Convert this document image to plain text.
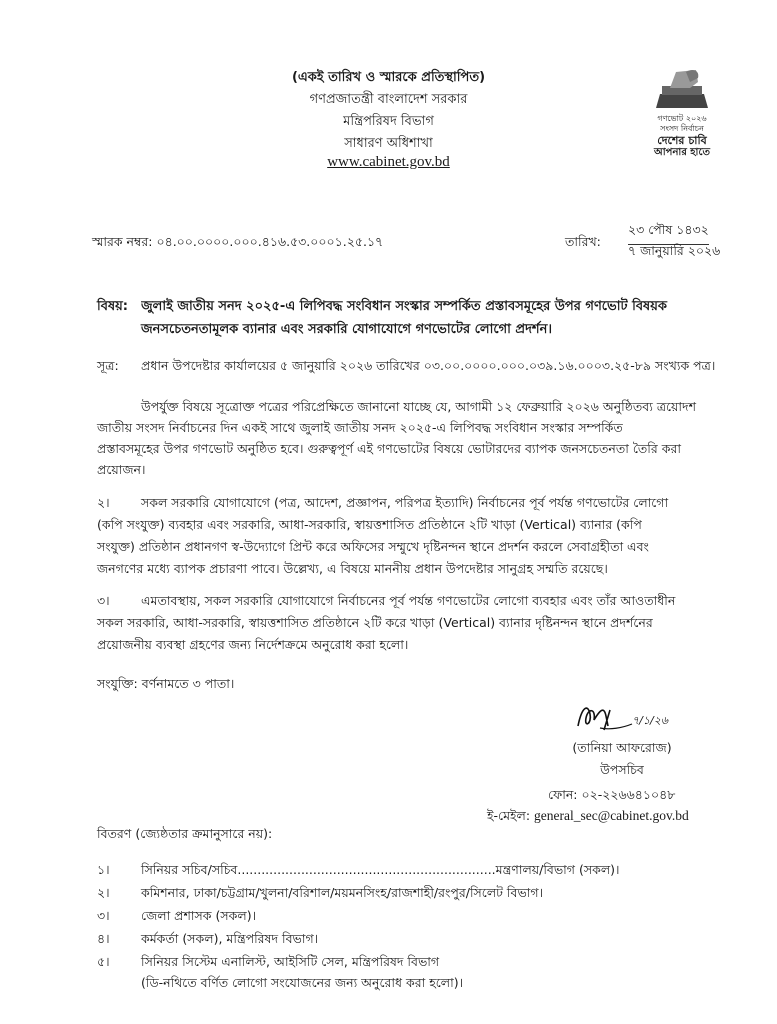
(একই তারিখ ও স্মারকে প্রতিস্থাপিত)
গণপ্রজাতন্ত্রী বাংলাদেশ সরকার
মন্ত্রিপরিষদ বিভাগ
সাধারণ অধিশাখা
www.cabinet.gov.bd
গণভোট ২০২৬
সংসদ নির্বাচন
দেশের চাবি
আপনার হাতে
স্মারক নম্বর: ০৪.০০.০০০০.০০০.৪১৬.৫৩.০০০১.২৫.১৭	তারিখ:
২৩ পৌষ ১৪৩২
৭ জানুয়ারি ২০২৬
বিষয়: জুলাই জাতীয় সনদ ২০২৫-এ লিপিবদ্ধ সংবিধান সংস্কার সম্পর্কিত প্রস্তাবসমূহের উপর গণভোট বিষয়ক
জনসচেতনতামূলক ব্যানার এবং সরকারি যোগাযোগে গণভোটের লোগো প্রদর্শন।
সূত্র: প্রধান উপদেষ্টার কার্যালয়ের ৫ জানুয়ারি ২০২৬ তারিখের ০৩.০০.০০০০.০০০.০৩৯.১৬.০০০৩.২৫-৮৯ সংখ্যক পত্র।
উপর্যুক্ত বিষয়ে সূত্রোক্ত পত্রের পরিপ্রেক্ষিতে জানানো যাচ্ছে যে, আগামী ১২ ফেব্রুয়ারি ২০২৬ অনুষ্ঠিতব্য ত্রয়োদশ
জাতীয় সংসদ নির্বাচনের দিন একই সাথে জুলাই জাতীয় সনদ ২০২৫-এ লিপিবদ্ধ সংবিধান সংস্কার সম্পর্কিত
প্রস্তাবসমূহের উপর গণভোট অনুষ্ঠিত হবে। গুরুত্বপূর্ণ এই গণভোটের বিষয়ে ভোটারদের ব্যাপক জনসচেতনতা তৈরি করা
প্রয়োজন।
২।	সকল সরকারি যোগাযোগে (পত্র, আদেশ, প্রজ্ঞাপন, পরিপত্র ইত্যাদি) নির্বাচনের পূর্ব পর্যন্ত গণভোটের লোগো
(কপি সংযুক্ত) ব্যবহার এবং সরকারি, আধা-সরকারি, স্বায়ত্তশাসিত প্রতিষ্ঠানে ২টি খাড়া (Vertical) ব্যানার (কপি
সংযুক্ত) প্রতিষ্ঠান প্রধানগণ স্ব-উদ্যোগে প্রিন্ট করে অফিসের সম্মুখে দৃষ্টিনন্দন স্থানে প্রদর্শন করলে সেবাগ্রহীতা এবং
জনগণের মধ্যে ব্যাপক প্রচারণা পাবে। উল্লেখ্য, এ বিষয়ে মাননীয় প্রধান উপদেষ্টার সানুগ্রহ সম্মতি রয়েছে।
৩।	এমতাবস্থায়, সকল সরকারি যোগাযোগে নির্বাচনের পূর্ব পর্যন্ত গণভোটের লোগো ব্যবহার এবং তাঁর আওতাধীন
সকল সরকারি, আধা-সরকারি, স্বায়ত্তশাসিত প্রতিষ্ঠানে ২টি করে খাড়া (Vertical) ব্যানার দৃষ্টিনন্দন স্থানে প্রদর্শনের
প্রয়োজনীয় ব্যবস্থা গ্রহণের জন্য নির্দেশক্রমে অনুরোধ করা হলো।
সংযুক্তি: বর্ণনামতে ৩ পাতা।
৭/১/২৬
(তানিয়া আফরোজ)
উপসচিব
ফোন: ০২-২২৬৬৪১০৪৮
ই-মেইল: general_sec@cabinet.gov.bd
বিতরণ (জ্যেষ্ঠতার ক্রমানুসারে নয়):
১।	সিনিয়র সচিব/সচিব.................................................................মন্ত্রণালয়/বিভাগ (সকল)।
২।	কমিশনার, ঢাকা/চট্টগ্রাম/খুলনা/বরিশাল/ময়মনসিংহ/রাজশাহী/রংপুর/সিলেট বিভাগ।
৩।	জেলা প্রশাসক (সকল)।
৪।	কর্মকর্তা (সকল), মন্ত্রিপরিষদ বিভাগ।
৫।	সিনিয়র সিস্টেম এনালিস্ট, আইসিটি সেল, মন্ত্রিপরিষদ বিভাগ
(ডি-নথিতে বর্ণিত লোগো সংযোজনের জন্য অনুরোধ করা হলো)।
